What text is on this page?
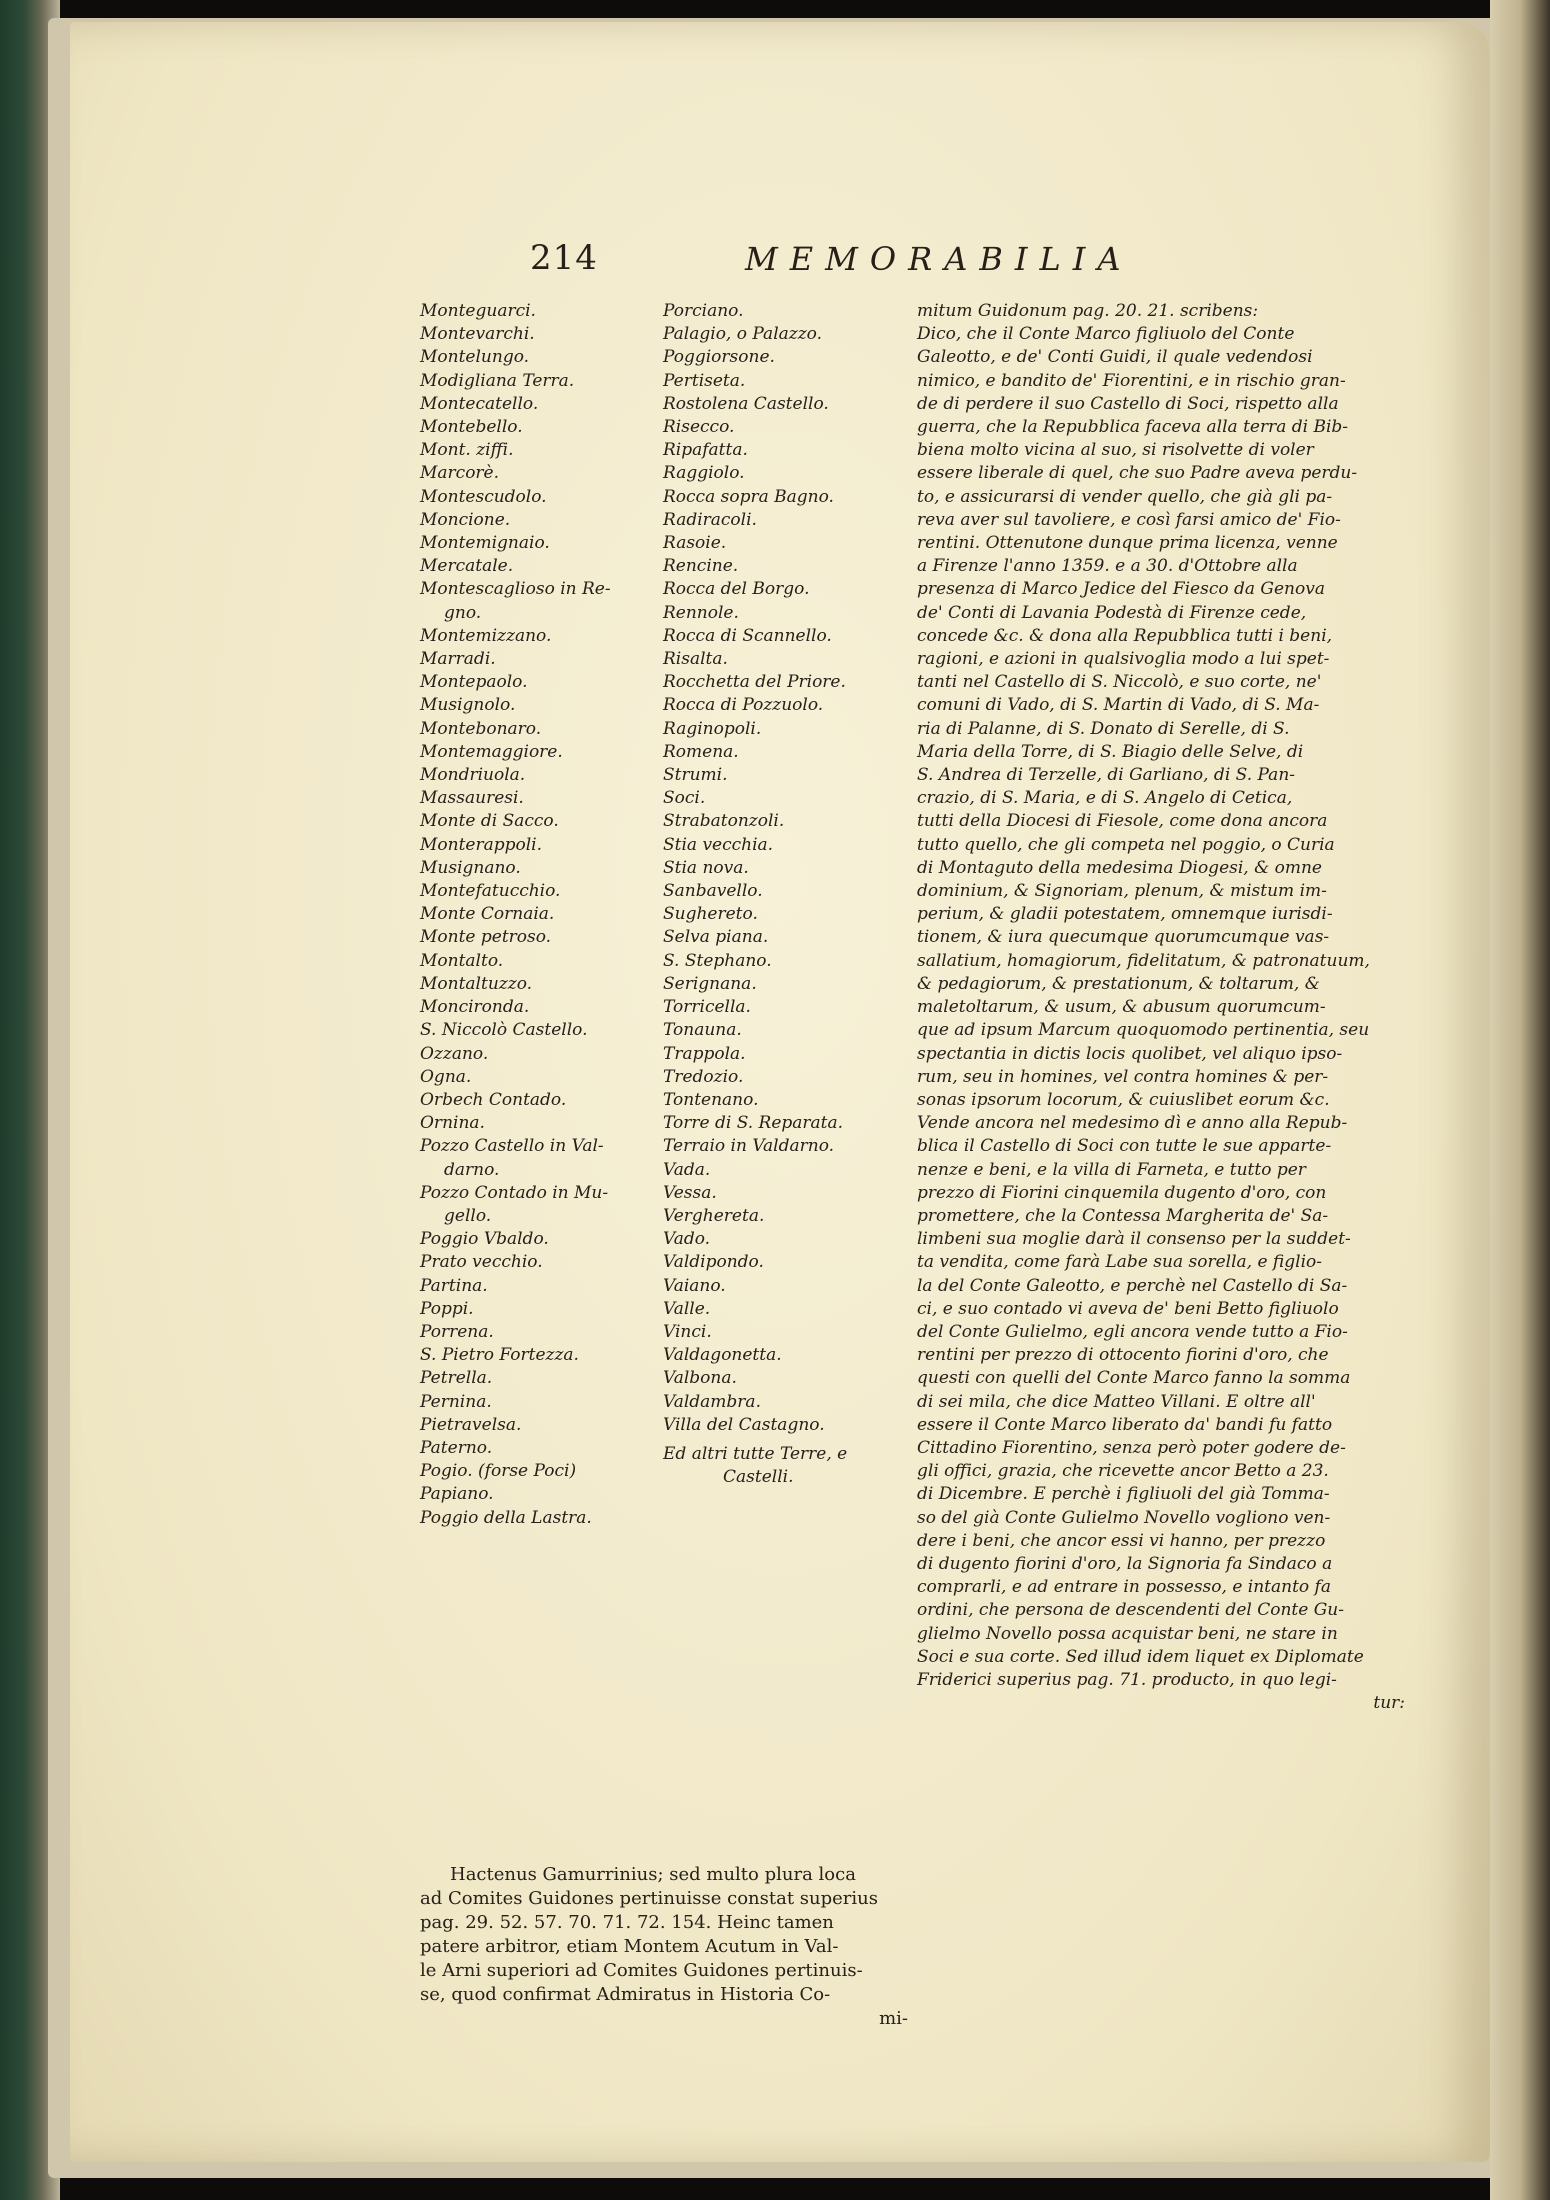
214	MEMORABILIA
Monteguarci.
Montevarchi.
Montelungo.
Modigliana Terra.
Montecatello.
Montebello.
Mont. ziffi.
Marcorè.
Montescudolo.
Moncione.
Montemignaio.
Mercatale.
Montescaglioso in Re-
gno.
Montemizzano.
Marradi.
Montepaolo.
Musignolo.
Montebonaro.
Montemaggiore.
Mondriuola.
Massauresi.
Monte di Sacco.
Monterappoli.
Musignano.
Montefatucchio.
Monte Cornaia.
Monte petroso.
Montalto.
Montaltuzzo.
Moncironda.
S. Niccolò Castello.
Ozzano.
Ogna.
Orbech Contado.
Ornina.
Pozzo Castello in Val-
darno.
Pozzo Contado in Mu-
gello.
Poggio Vbaldo.
Prato vecchio.
Partina.
Poppi.
Porrena.
S. Pietro Fortezza.
Petrella.
Pernina.
Pietravelsa.
Paterno.
Pogio. (forse Poci)
Papiano.
Poggio della Lastra.
Porciano.
Palagio, o Palazzo.
Poggiorsone.
Pertiseta.
Rostolena Castello.
Risecco.
Ripafatta.
Raggiolo.
Rocca sopra Bagno.
Radiracoli.
Rasoie.
Rencine.
Rocca del Borgo.
Rennole.
Rocca di Scannello.
Risalta.
Rocchetta del Priore.
Rocca di Pozzuolo.
Raginopoli.
Romena.
Strumi.
Soci.
Strabatonzoli.
Stia vecchia.
Stia nova.
Sanbavello.
Sughereto.
Selva piana.
S. Stephano.
Serignana.
Torricella.
Tonauna.
Trappola.
Tredozio.
Tontenano.
Torre di S. Reparata.
Terraio in Valdarno.
Vada.
Vessa.
Verghereta.
Vado.
Valdipondo.
Vaiano.
Valle.
Vinci.
Valdagonetta.
Valbona.
Valdambra.
Villa del Castagno.
Ed altri tutte Terre, e
Castelli.
mitum Guidonum pag. 20. 21. scribens:
Dico, che il Conte Marco figliuolo del Conte
Galeotto, e de' Conti Guidi, il quale vedendosi
nimico, e bandito de' Fiorentini, e in rischio gran-
de di perdere il suo Castello di Soci, rispetto alla
guerra, che la Repubblica faceva alla terra di Bib-
biena molto vicina al suo, si risolvette di voler
essere liberale di quel, che suo Padre aveva perdu-
to, e assicurarsi di vender quello, che già gli pa-
reva aver sul tavoliere, e così farsi amico de' Fio-
rentini. Ottenutone dunque prima licenza, venne
a Firenze l'anno 1359. e a 30. d'Ottobre alla
presenza di Marco Jedice del Fiesco da Genova
de' Conti di Lavania Podestà di Firenze cede,
concede &c. & dona alla Repubblica tutti i beni,
ragioni, e azioni in qualsivoglia modo a lui spet-
tanti nel Castello di S. Niccolò, e suo corte, ne'
comuni di Vado, di S. Martin di Vado, di S. Ma-
ria di Palanne, di S. Donato di Serelle, di S.
Maria della Torre, di S. Biagio delle Selve, di
S. Andrea di Terzelle, di Garliano, di S. Pan-
crazio, di S. Maria, e di S. Angelo di Cetica,
tutti della Diocesi di Fiesole, come dona ancora
tutto quello, che gli competa nel poggio, o Curia
di Montaguto della medesima Diogesi, & omne
dominium, & Signoriam, plenum, & mistum im-
perium, & gladii potestatem, omnemque iurisdi-
tionem, & iura quecumque quorumcumque vas-
sallatium, homagiorum, fidelitatum, & patronatuum,
& pedagiorum, & prestationum, & toltarum, &
maletoltarum, & usum, & abusum quorumcum-
que ad ipsum Marcum quoquomodo pertinentia, seu
spectantia in dictis locis quolibet, vel aliquo ipso-
rum, seu in homines, vel contra homines & per-
sonas ipsorum locorum, & cuiuslibet eorum &c.
Vende ancora nel medesimo dì e anno alla Repub-
blica il Castello di Soci con tutte le sue apparte-
nenze e beni, e la villa di Farneta, e tutto per
prezzo di Fiorini cinquemila dugento d'oro, con
promettere, che la Contessa Margherita de' Sa-
limbeni sua moglie darà il consenso per la suddet-
ta vendita, come farà Labe sua sorella, e figlio-
la del Conte Galeotto, e perchè nel Castello di Sa-
ci, e suo contado vi aveva de' beni Betto figliuolo
del Conte Gulielmo, egli ancora vende tutto a Fio-
rentini per prezzo di ottocento fiorini d'oro, che
questi con quelli del Conte Marco fanno la somma
di sei mila, che dice Matteo Villani. E oltre all'
essere il Conte Marco liberato da' bandi fu fatto
Cittadino Fiorentino, senza però poter godere de-
gli offici, grazia, che ricevette ancor Betto a 23.
di Dicembre. E perchè i figliuoli del già Tomma-
so del già Conte Gulielmo Novello vogliono ven-
dere i beni, che ancor essi vi hanno, per prezzo
di dugento fiorini d'oro, la Signoria fa Sindaco a
comprarli, e ad entrare in possesso, e intanto fa
ordini, che persona de descendenti del Conte Gu-
glielmo Novello possa acquistar beni, ne stare in
Soci e sua corte. Sed illud idem liquet ex Diplomate
Friderici superius pag. 71. producto, in quo legi-
tur:
Hactenus Gamurrinius; sed multo plura loca
ad Comites Guidones pertinuisse constat superius
pag. 29. 52. 57. 70. 71. 72. 154. Heinc tamen
patere arbitror, etiam Montem Acutum in Val-
le Arni superiori ad Comites Guidones pertinuis-
se, quod confirmat Admiratus in Historia Co-
mi-
